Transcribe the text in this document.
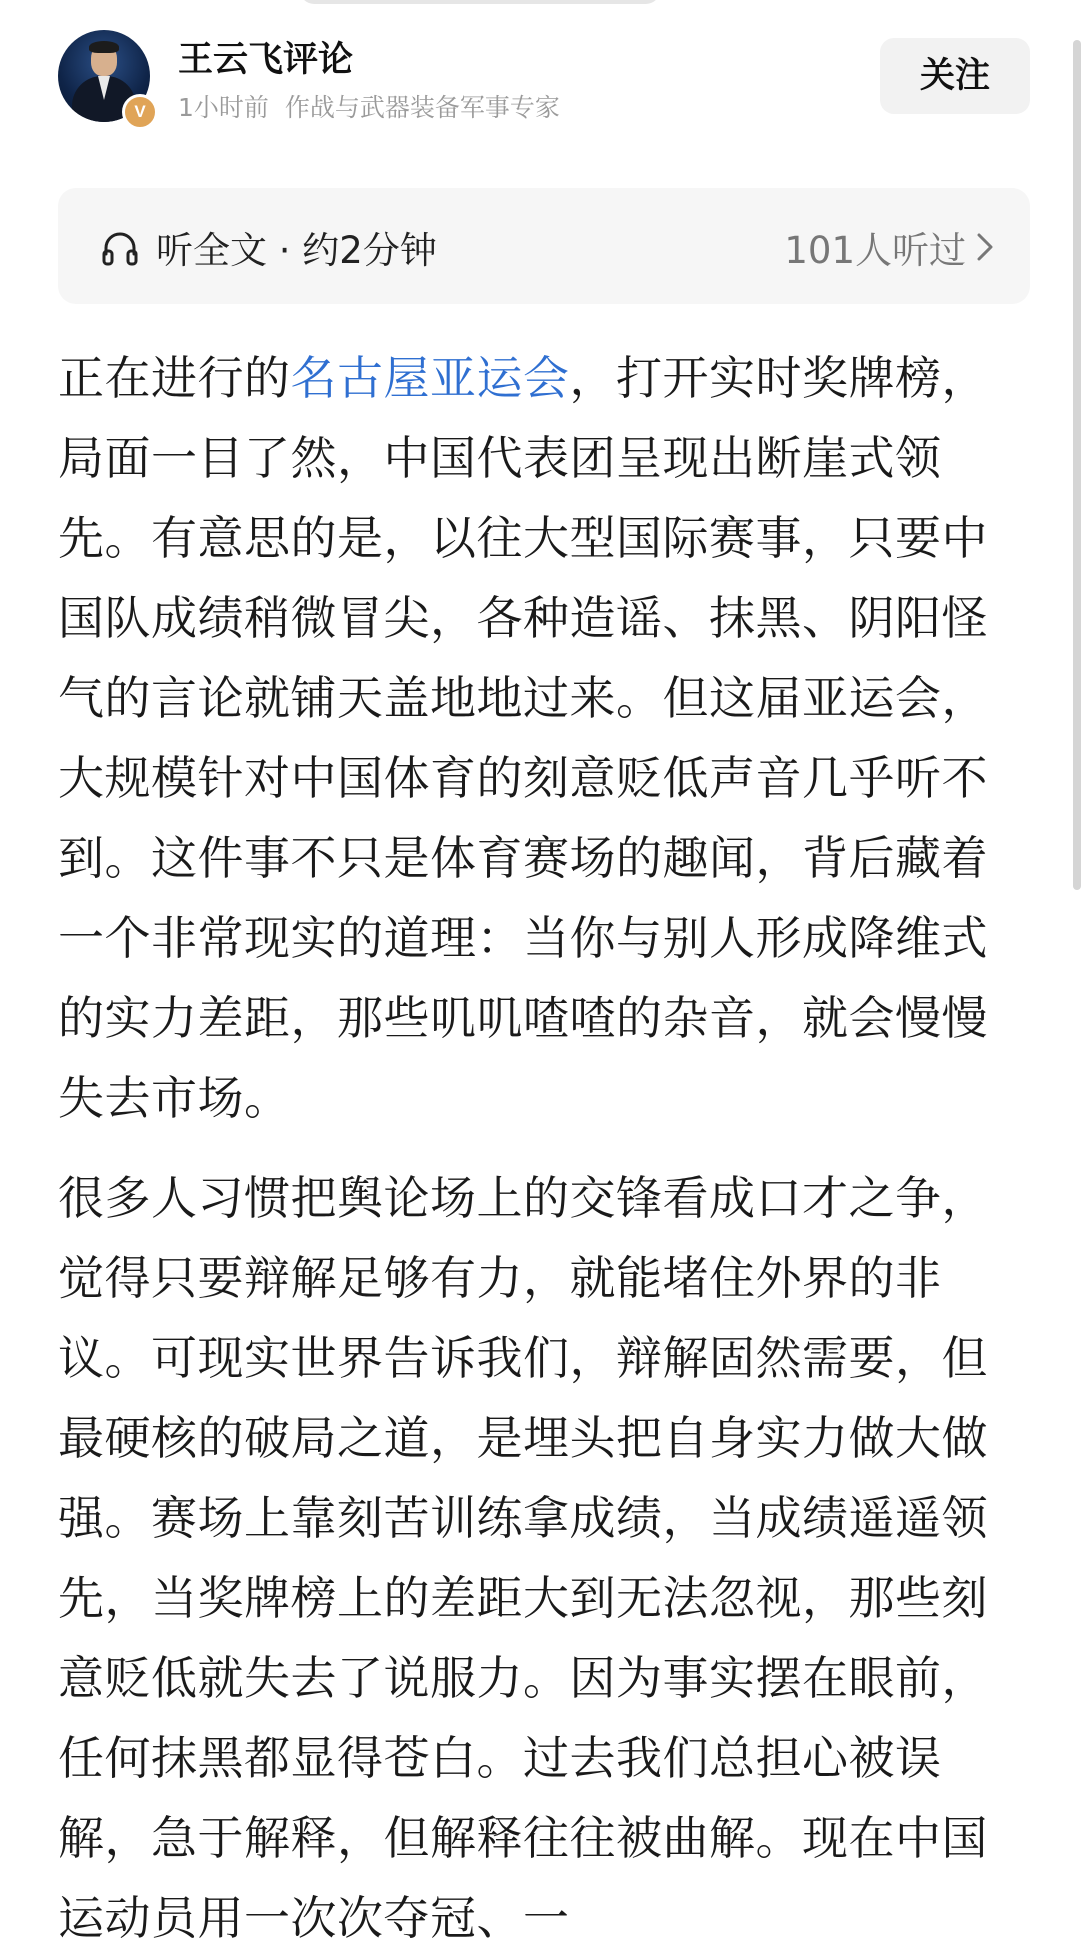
V
王云飞评论
1小时前 作战与武器装备军事专家
关注
听全文 · 约2分钟	101人听过

正在进行的名古屋亚运会，打开实时奖牌榜，局面一目了然，中国代表团呈现出断崖式领先。有意思的是，以往大型国际赛事，只要中国队成绩稍微冒尖，各种造谣、抹黑、阴阳怪气的言论就铺天盖地地过来。但这届亚运会，大规模针对中国体育的刻意贬低声音几乎听不到。这件事不只是体育赛场的趣闻，背后藏着一个非常现实的道理：当你与别人形成降维式的实力差距，那些叽叽喳喳的杂音，就会慢慢失去市场。

很多人习惯把舆论场上的交锋看成口才之争，觉得只要辩解足够有力，就能堵住外界的非议。可现实世界告诉我们，辩解固然需要，但最硬核的破局之道，是埋头把自身实力做大做强。赛场上靠刻苦训练拿成绩，当成绩遥遥领先，当奖牌榜上的差距大到无法忽视，那些刻意贬低就失去了说服力。因为事实摆在眼前，任何抹黑都显得苍白。过去我们总担心被误解，急于解释，但解释往往被曲解。现在中国运动员用一次次夺冠、一
